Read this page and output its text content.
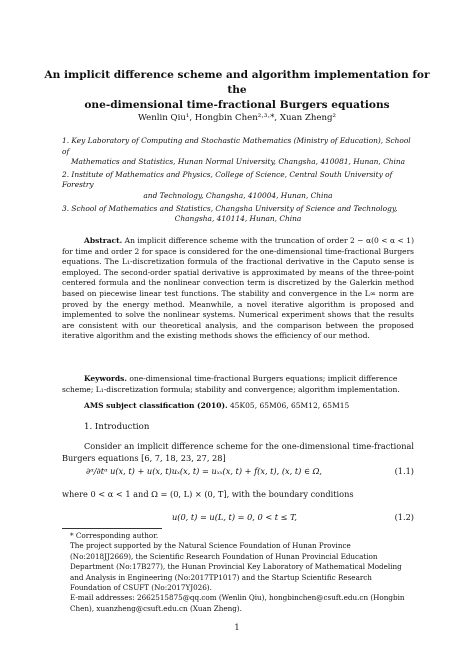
An implicit difference scheme and algorithm implementation for the
one-dimensional time-fractional Burgers equations
Wenlin Qiu¹, Hongbin Chen²·³·*, Xuan Zheng²
1. Key Laboratory of Computing and Stochastic Mathematics (Ministry of Education), School of
Mathematics and Statistics, Hunan Normal University, Changsha, 410081, Hunan, China
2. Institute of Mathematics and Physics, College of Science, Central South University of Forestry
and Technology, Changsha, 410004, Hunan, China
3. School of Mathematics and Statistics, Changsha University of Science and Technology,
Changsha, 410114, Hunan, China
Abstract. An implicit difference scheme with the truncation of order 2 − α(0 < α < 1) for time and order 2 for space is considered for the one-dimensional time-fractional Burgers equations. The L₁-discretization formula of the fractional derivative in the Caputo sense is employed. The second-order spatial derivative is approximated by means of the three-point centered formula and the nonlinear convection term is discretized by the Galerkin method based on piecewise linear test functions. The stability and convergence in the L∞ norm are proved by the energy method. Meanwhile, a novel iterative algorithm is proposed and implemented to solve the nonlinear systems. Numerical experiment shows that the results are consistent with our theoretical analysis, and the comparison between the proposed iterative algorithm and the existing methods shows the efficiency of our method.
Keywords. one-dimensional time-fractional Burgers equations; implicit difference scheme; L₁-discretization formula; stability and convergence; algorithm implementation.
AMS subject classification (2010). 45K05, 65M06, 65M12, 65M15
1. Introduction
Consider an implicit difference scheme for the one-dimensional time-fractional Burgers equations [6, 7, 18, 23, 27, 28]
∂ᵅ/∂tᵅ u(x, t) + u(x, t)uₓ(x, t) = uₓₓ(x, t) + f(x, t), (x, t) ∈ Ω,	(1.1)
where 0 < α < 1 and Ω = (0, L) × (0, T], with the boundary conditions
u(0, t) = u(L, t) = 0, 0 < t ≤ T,	(1.2)
* Corresponding author.
The project supported by the Natural Science Foundation of Hunan Province (No:2018JJ2669), the Scientific Research Foundation of Hunan Provincial Education Department (No:17B277), the Hunan Provincial Key Laboratory of Mathematical Modeling and Analysis in Engineering (No:2017TP1017) and the Startup Scientific Research Foundation of CSUFT (No:2017YJ026).
E-mail addresses: 2662515875@qq.com (Wenlin Qiu), hongbinchen@csuft.edu.cn (Hongbin Chen), xuanzheng@csuft.edu.cn (Xuan Zheng).
1
